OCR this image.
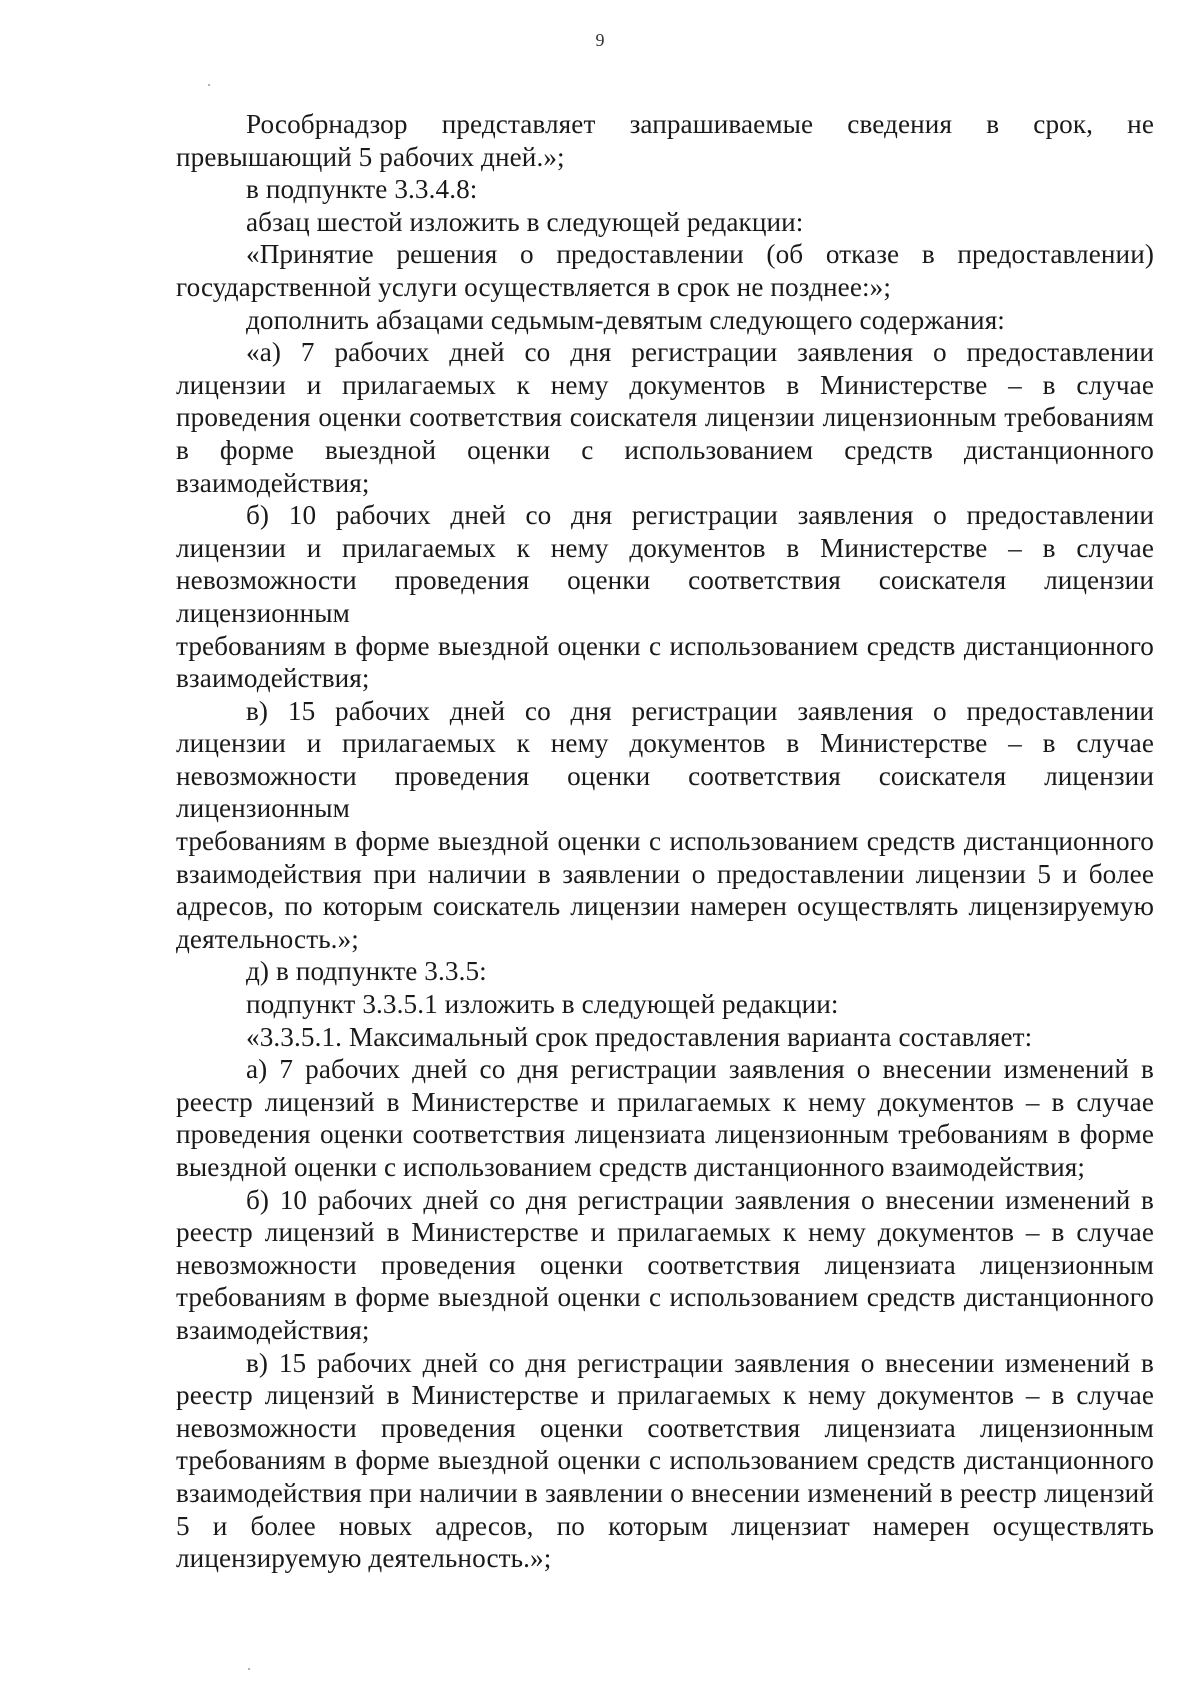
9

Рособрнадзор представляет запрашиваемые сведения в срок, не превышающий 5 рабочих дней.»;

в подпункте 3.3.4.8:

абзац шестой изложить в следующей редакции:

«Принятие решения о предоставлении (об отказе в предоставлении) государственной услуги осуществляется в срок не позднее:»;

дополнить абзацами седьмым-девятым следующего содержания:

«а) 7 рабочих дней со дня регистрации заявления о предоставлении лицензии и прилагаемых к нему документов в Министерстве – в случае проведения оценки соответствия соискателя лицензии лицензионным требованиям в форме выездной оценки с использованием средств дистанционного взаимодействия;

б) 10 рабочих дней со дня регистрации заявления о предоставлении лицензии и прилагаемых к нему документов в Министерстве – в случае невозможности проведения оценки соответствия соискателя лицензии лицензионным

требованиям в форме выездной оценки с использованием средств дистанционного взаимодействия;

в) 15 рабочих дней со дня регистрации заявления о предоставлении лицензии и прилагаемых к нему документов в Министерстве – в случае невозможности проведения оценки соответствия соискателя лицензии лицензионным

требованиям в форме выездной оценки с использованием средств дистанционного взаимодействия при наличии в заявлении о предоставлении лицензии 5 и более адресов, по которым соискатель лицензии намерен осуществлять лицензируемую деятельность.»;

д) в подпункте 3.3.5:

подпункт 3.3.5.1 изложить в следующей редакции:

«3.3.5.1. Максимальный срок предоставления варианта составляет:

а) 7 рабочих дней со дня регистрации заявления о внесении изменений в реестр лицензий в Министерстве и прилагаемых к нему документов – в случае проведения оценки соответствия лицензиата лицензионным требованиям в форме выездной оценки с использованием средств дистанционного взаимодействия;

б) 10 рабочих дней со дня регистрации заявления о внесении изменений в реестр лицензий в Министерстве и прилагаемых к нему документов – в случае невозможности проведения оценки соответствия лицензиата лицензионным требованиям в форме выездной оценки с использованием средств дистанционного взаимодействия;

в) 15 рабочих дней со дня регистрации заявления о внесении изменений в реестр лицензий в Министерстве и прилагаемых к нему документов – в случае невозможности проведения оценки соответствия лицензиата лицензионным требованиям в форме выездной оценки с использованием средств дистанционного взаимодействия при наличии в заявлении о внесении изменений в реестр лицензий 5 и более новых адресов, по которым лицензиат намерен осуществлять лицензируемую деятельность.»;
